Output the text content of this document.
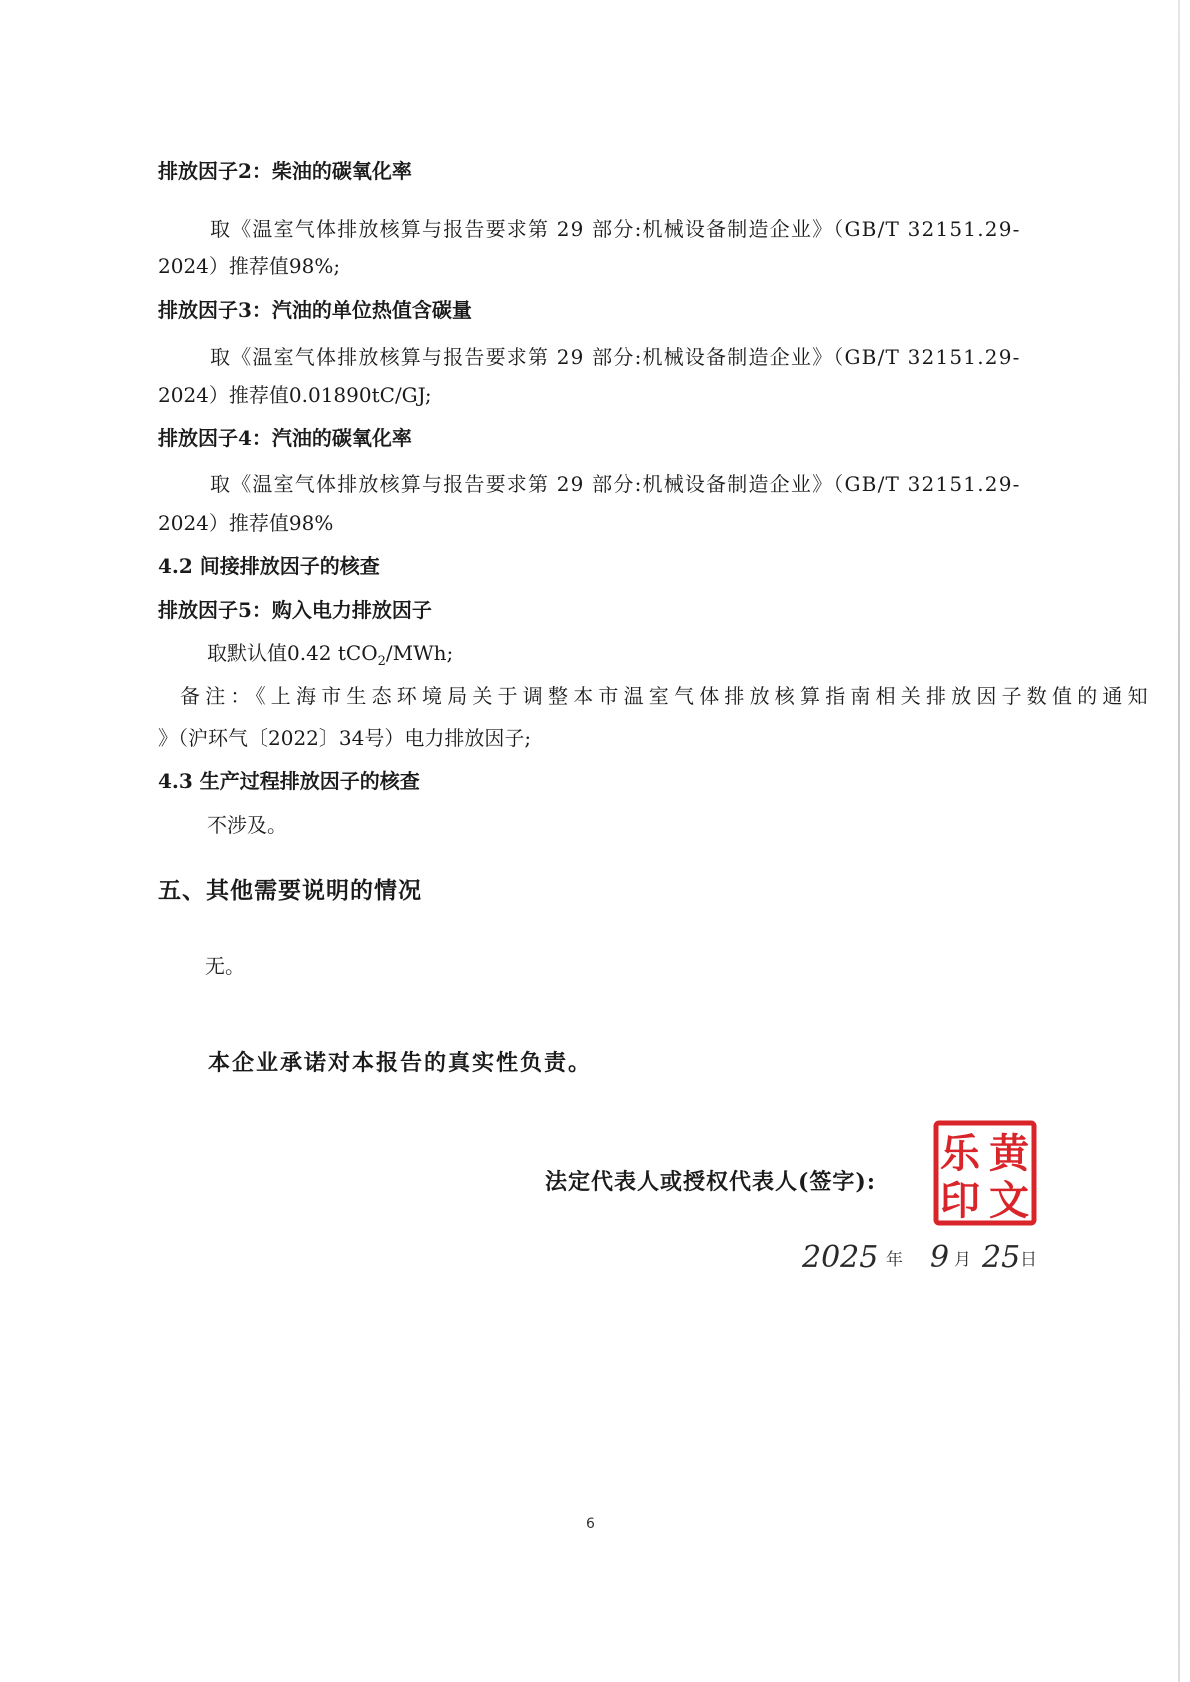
排放因子2：柴油的碳氧化率
取《温室气体排放核算与报告要求第 29 部分:机械设备制造企业》（GB/T 32151.29-
2024）推荐值98%;
排放因子3：汽油的单位热值含碳量
取《温室气体排放核算与报告要求第 29 部分:机械设备制造企业》（GB/T 32151.29-
2024）推荐值0.01890tC/GJ;
排放因子4：汽油的碳氧化率
取《温室气体排放核算与报告要求第 29 部分:机械设备制造企业》（GB/T 32151.29-
2024）推荐值98%
4.2 间接排放因子的核查
排放因子5：购入电力排放因子
取默认值0.42 tCO$_2$/MWh;
备注：《上海市生态环境局关于调整本市温室气体排放核算指南相关排放因子数值的通知
》（沪环气〔2022〕34号）电力排放因子;
4.3 生产过程排放因子的核查
不涉及。
五、其他需要说明的情况
无。
本企业承诺对本报告的真实性负责。
法定代表人或授权代表人(签字):
乐 黄
印 文
2025 年 9 月 25 日
6
